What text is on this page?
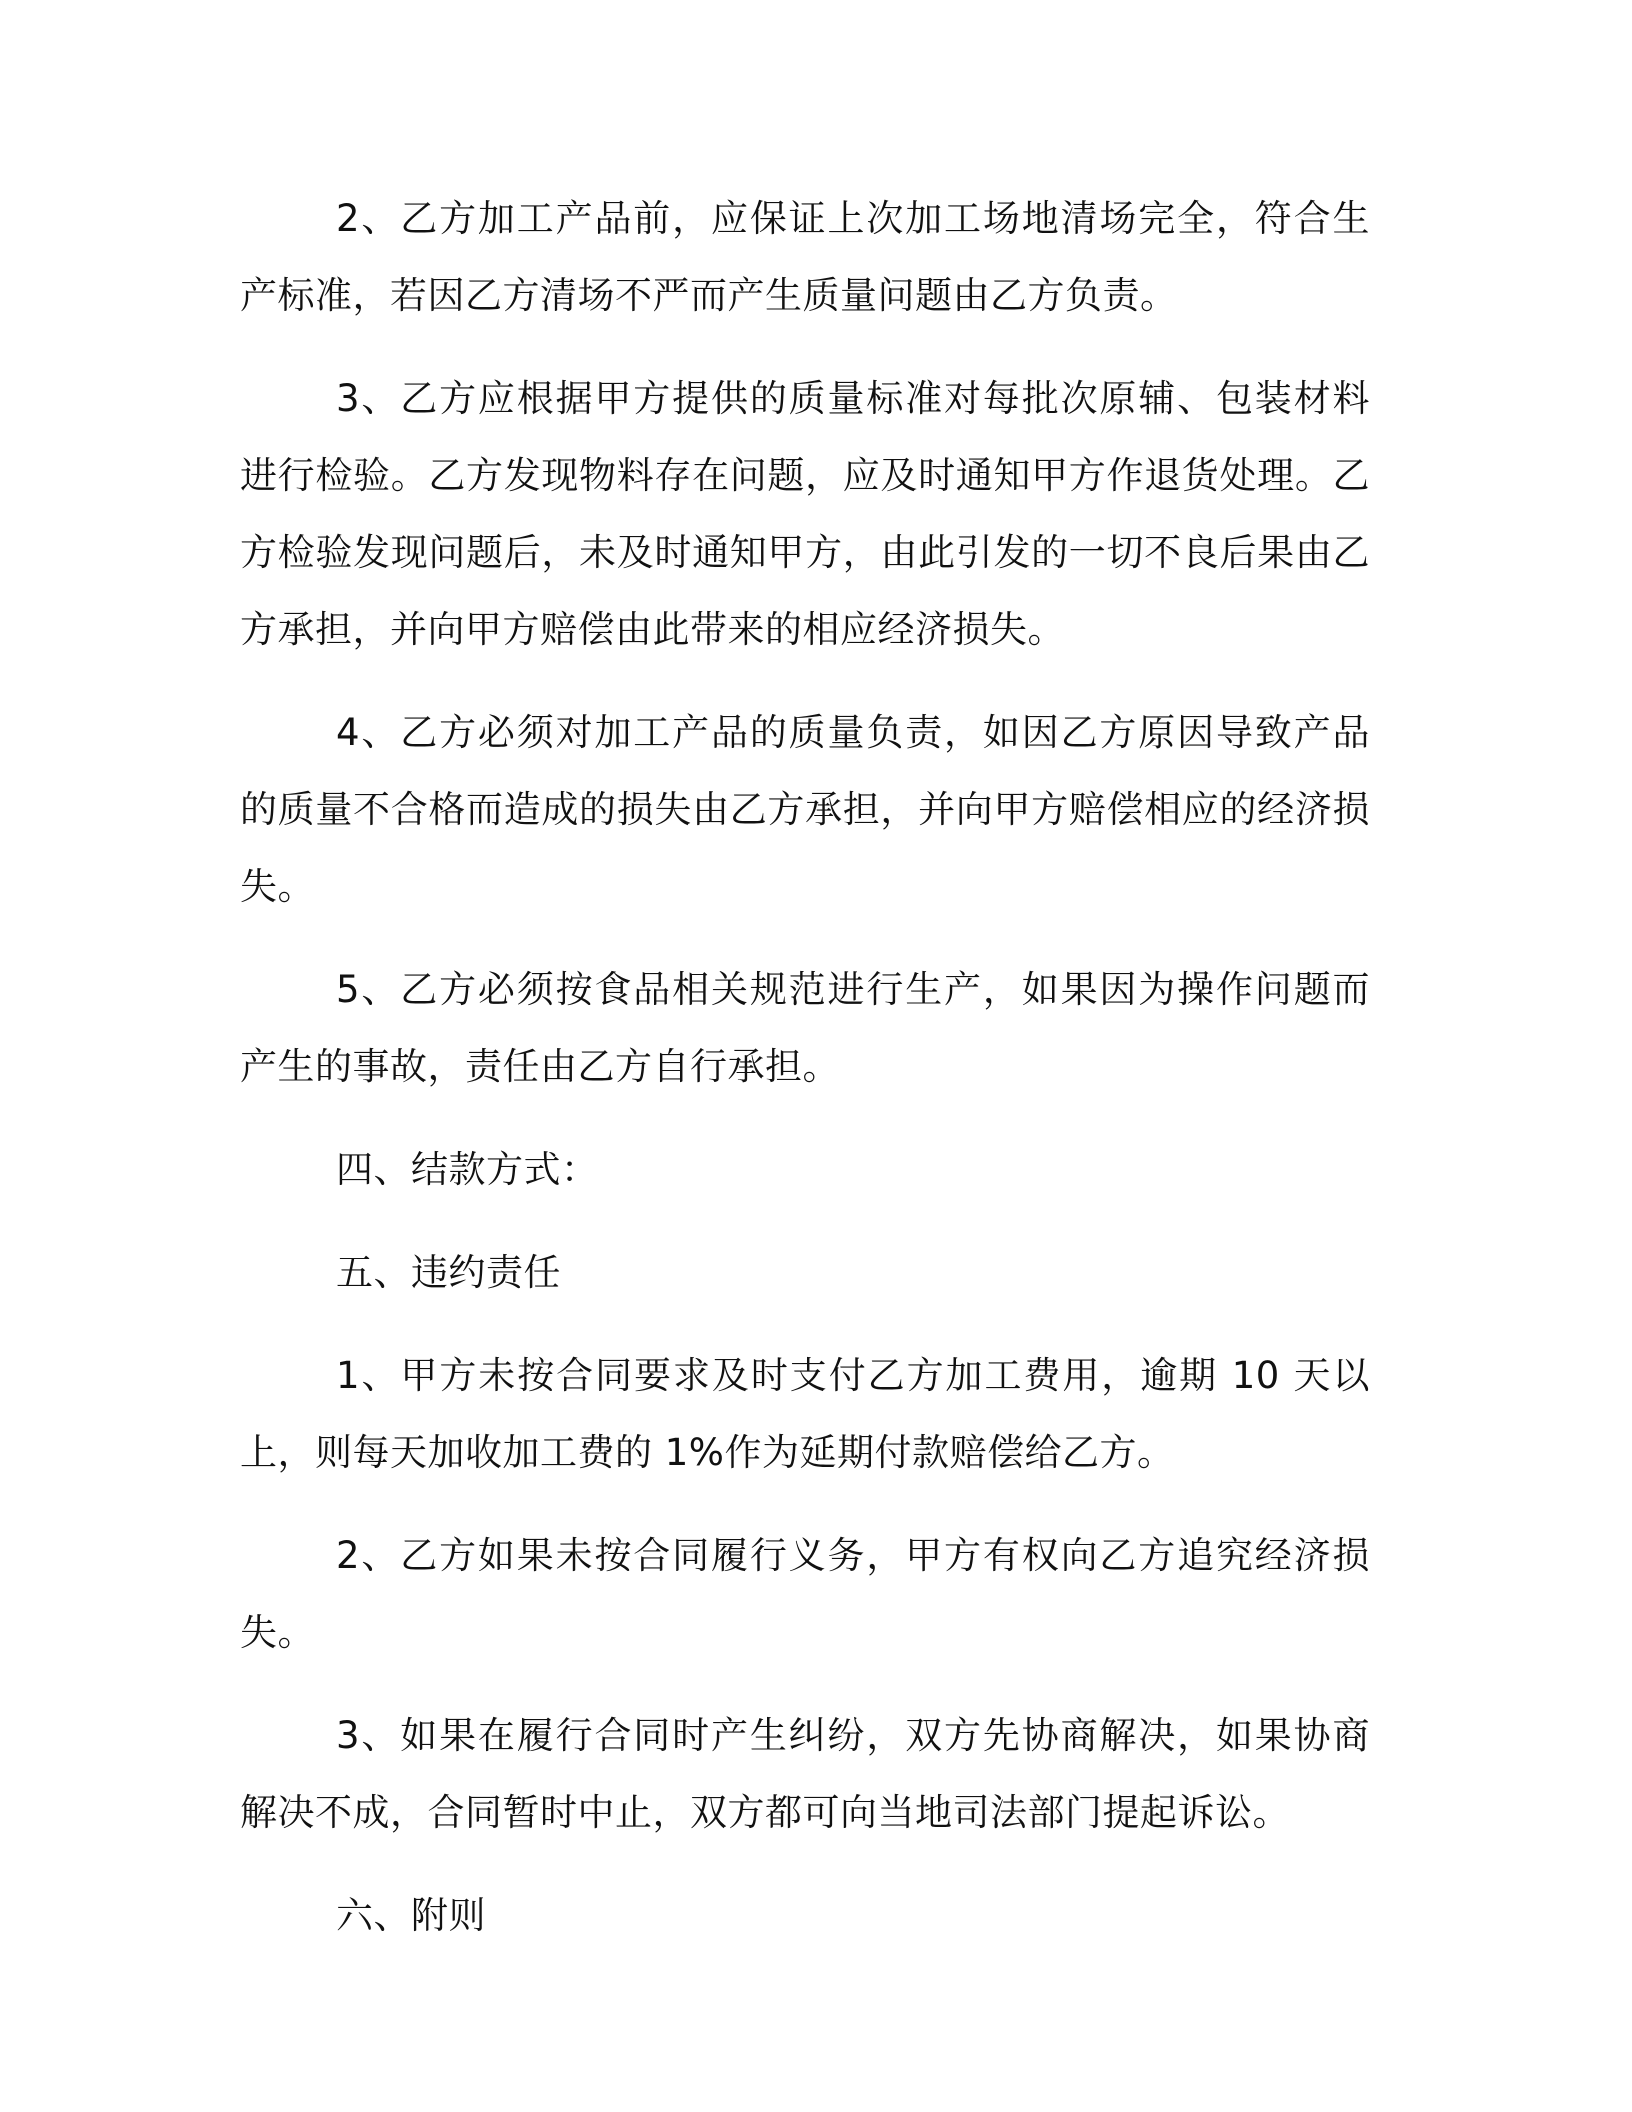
2、乙方加工产品前，应保证上次加工场地清场完全，符合生产标准，若因乙方清场不严而产生质量问题由乙方负责。

3、乙方应根据甲方提供的质量标准对每批次原辅、包装材料进行检验。乙方发现物料存在问题，应及时通知甲方作退货处理。乙方检验发现问题后，未及时通知甲方，由此引发的一切不良后果由乙方承担，并向甲方赔偿由此带来的相应经济损失。

4、乙方必须对加工产品的质量负责，如因乙方原因导致产品的质量不合格而造成的损失由乙方承担，并向甲方赔偿相应的经济损失。

5、乙方必须按食品相关规范进行生产，如果因为操作问题而产生的事故，责任由乙方自行承担。

四、结款方式：

五、违约责任

1、甲方未按合同要求及时支付乙方加工费用，逾期 10 天以上，则每天加收加工费的 1%作为延期付款赔偿给乙方。

2、乙方如果未按合同履行义务，甲方有权向乙方追究经济损失。

3、如果在履行合同时产生纠纷，双方先协商解决，如果协商解决不成，合同暂时中止，双方都可向当地司法部门提起诉讼。

六、附则
